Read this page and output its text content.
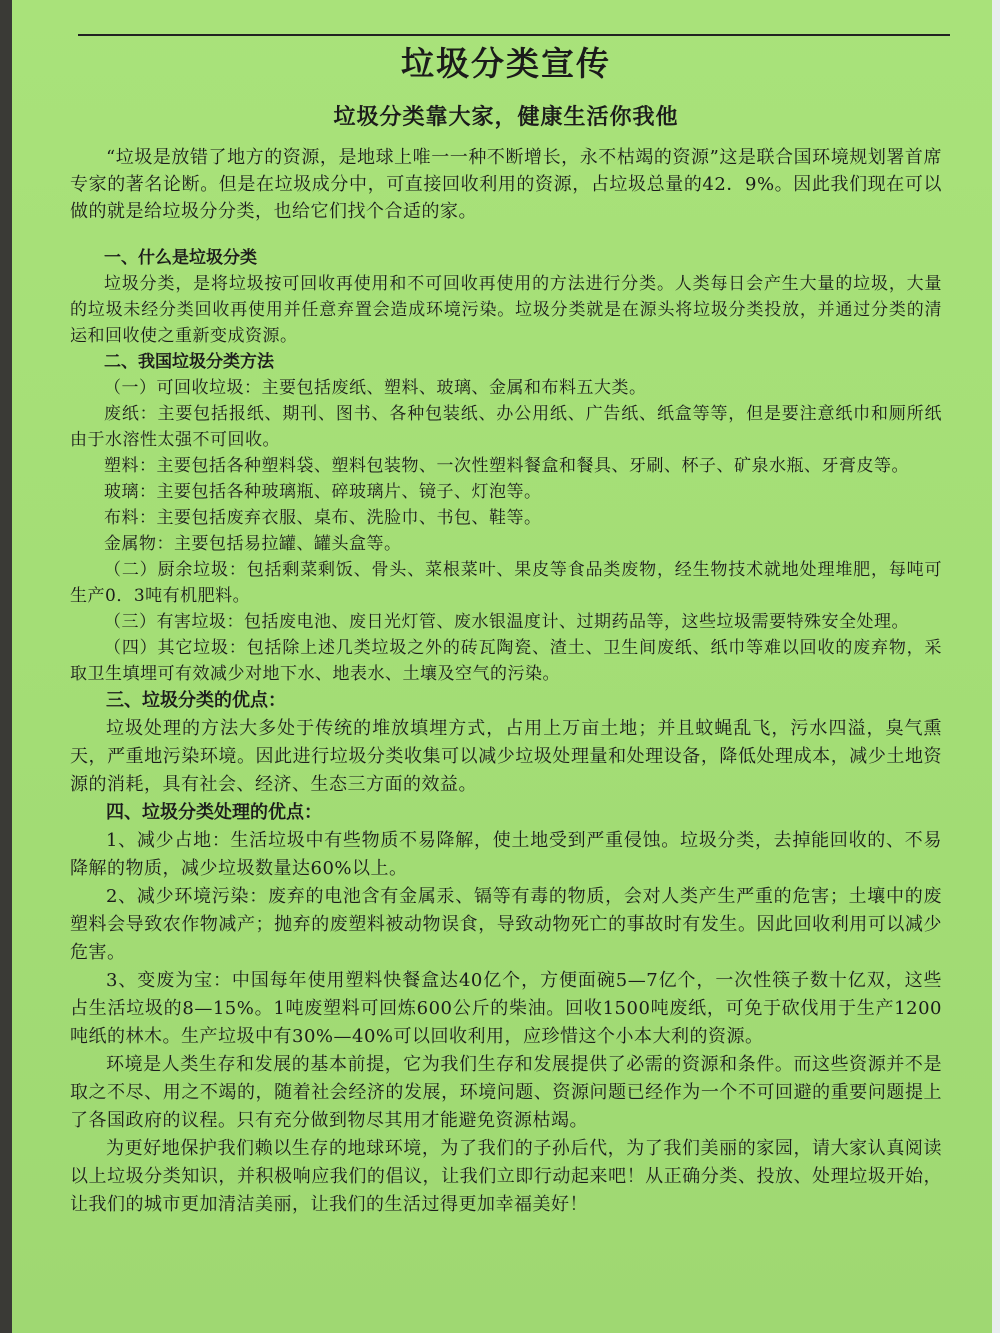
垃圾分类宣传
垃圾分类靠大家，健康生活你我他

“垃圾是放错了地方的资源，是地球上唯一一种不断增长，永不枯竭的资源”这是联合国环境规划署首席专家的著名论断。但是在垃圾成分中，可直接回收利用的资源，占垃圾总量的42．9%。因此我们现在可以做的就是给垃圾分分类，也给它们找个合适的家。

一、什么是垃圾分类

垃圾分类，是将垃圾按可回收再使用和不可回收再使用的方法进行分类。人类每日会产生大量的垃圾，大量的垃圾未经分类回收再使用并任意弃置会造成环境污染。垃圾分类就是在源头将垃圾分类投放，并通过分类的清运和回收使之重新变成资源。

二、我国垃圾分类方法

（一）可回收垃圾：主要包括废纸、塑料、玻璃、金属和布料五大类。

废纸：主要包括报纸、期刊、图书、各种包装纸、办公用纸、广告纸、纸盒等等，但是要注意纸巾和厕所纸由于水溶性太强不可回收。

塑料：主要包括各种塑料袋、塑料包装物、一次性塑料餐盒和餐具、牙刷、杯子、矿泉水瓶、牙膏皮等。

玻璃：主要包括各种玻璃瓶、碎玻璃片、镜子、灯泡等。

布料：主要包括废弃衣服、桌布、洗脸巾、书包、鞋等。

金属物：主要包括易拉罐、罐头盒等。

（二）厨余垃圾：包括剩菜剩饭、骨头、菜根菜叶、果皮等食品类废物，经生物技术就地处理堆肥，每吨可生产0．3吨有机肥料。

（三）有害垃圾：包括废电池、废日光灯管、废水银温度计、过期药品等，这些垃圾需要特殊安全处理。

（四）其它垃圾：包括除上述几类垃圾之外的砖瓦陶瓷、渣土、卫生间废纸、纸巾等难以回收的废弃物，采取卫生填埋可有效减少对地下水、地表水、土壤及空气的污染。

三、垃圾分类的优点：

垃圾处理的方法大多处于传统的堆放填埋方式，占用上万亩土地；并且蚊蝇乱飞，污水四溢，臭气熏天，严重地污染环境。因此进行垃圾分类收集可以减少垃圾处理量和处理设备，降低处理成本，减少土地资源的消耗，具有社会、经济、生态三方面的效益。

四、垃圾分类处理的优点：

1、减少占地：生活垃圾中有些物质不易降解，使土地受到严重侵蚀。垃圾分类，去掉能回收的、不易降解的物质，减少垃圾数量达60%以上。

2、减少环境污染：废弃的电池含有金属汞、镉等有毒的物质，会对人类产生严重的危害；土壤中的废塑料会导致农作物减产；抛弃的废塑料被动物误食，导致动物死亡的事故时有发生。因此回收利用可以减少危害。

3、变废为宝：中国每年使用塑料快餐盒达40亿个，方便面碗5—7亿个，一次性筷子数十亿双，这些占生活垃圾的8—15%。1吨废塑料可回炼600公斤的柴油。回收1500吨废纸，可免于砍伐用于生产1200吨纸的林木。生产垃圾中有30%—40%可以回收利用，应珍惜这个小本大利的资源。

环境是人类生存和发展的基本前提，它为我们生存和发展提供了必需的资源和条件。而这些资源并不是取之不尽、用之不竭的，随着社会经济的发展，环境问题、资源问题已经作为一个不可回避的重要问题提上了各国政府的议程。只有充分做到物尽其用才能避免资源枯竭。

为更好地保护我们赖以生存的地球环境，为了我们的子孙后代，为了我们美丽的家园，请大家认真阅读以上垃圾分类知识，并积极响应我们的倡议，让我们立即行动起来吧！从正确分类、投放、处理垃圾开始，让我们的城市更加清洁美丽，让我们的生活过得更加幸福美好！
